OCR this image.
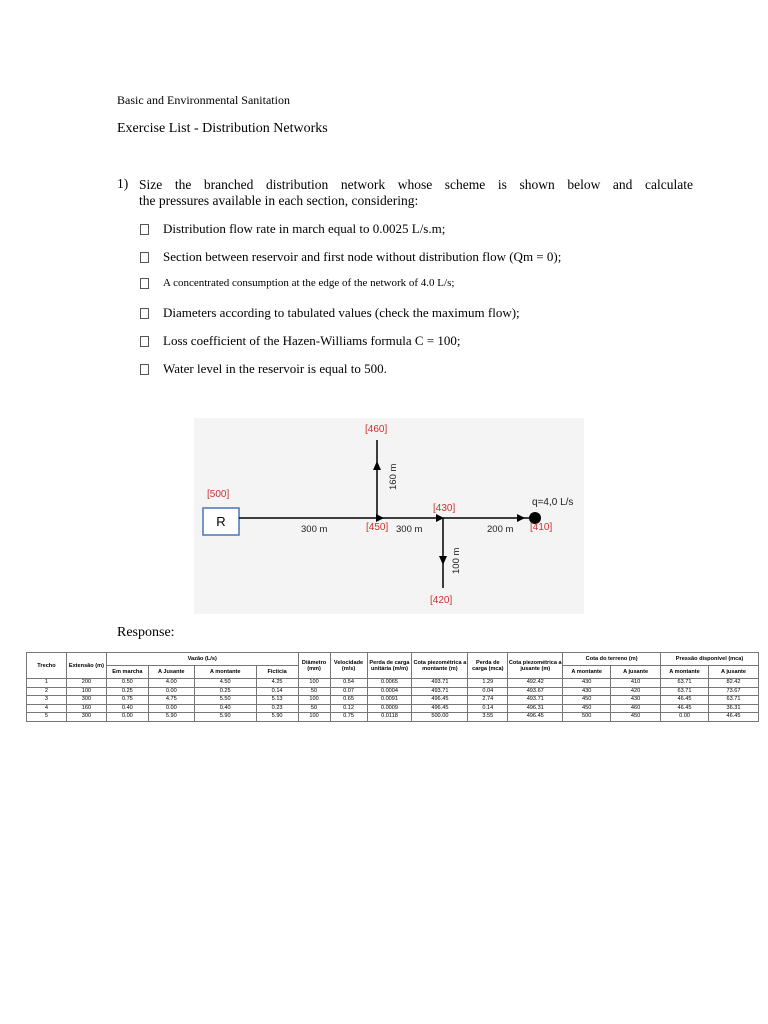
Basic and Environmental Sanitation
Exercise List - Distribution Networks
1) Size the branched distribution network whose scheme is shown below and calculate
the pressures available in each section, considering:
Distribution flow rate in march equal to 0.0025 L/s.m;
Section between reservoir and first node without distribution flow (Qm = 0);
A concentrated consumption at the edge of the network of 4.0 L/s;
Diameters according to tabulated values (check the maximum flow);
Loss coefficient of the Hazen-Williams formula C = 100;
Water level in the reservoir is equal to 500.
R
[500]
[460]
[450]
[430]
[410]
[420]
q=4,0 L/s
300 m	300 m	200 m
160 m
100 m
Response:
Trecho	Extensão (m)	Vazão (L/s)				Diâmetro (mm)	Velocidade (m/s)	Perda de carga unitária (m/m)	Cota piezométrica a montante (m)	Perda de carga (mca)	Cota piezométrica a jusante (m)	Cota do terreno (m)		Pressão disponível (mca)	
		Em marcha	A Jusante	A montante	Fictícia							A montante	A jusante	A montante	A jusante
1	200	0.50	4.00	4.50	4.25	100	0.54	0.0065	493.71	1.29	492.42	430	410	63.71	82.42
2	100	0.25	0.00	0.25	0.14	50	0.07	0.0004	493.71	0.04	493.67	430	420	63.71	73.67
3	300	0.75	4.75	5.50	5.13	100	0.65	0.0091	496.45	2.74	493.71	450	430	46.45	63.71
4	160	0.40	0.00	0.40	0.23	50	0.12	0.0009	496.45	0.14	496.31	450	460	46.45	36.31
5	300	0.00	5.90	5.90	5.90	100	0.75	0.0118	500.00	3.55	496.45	500	450	0.00	46.45
